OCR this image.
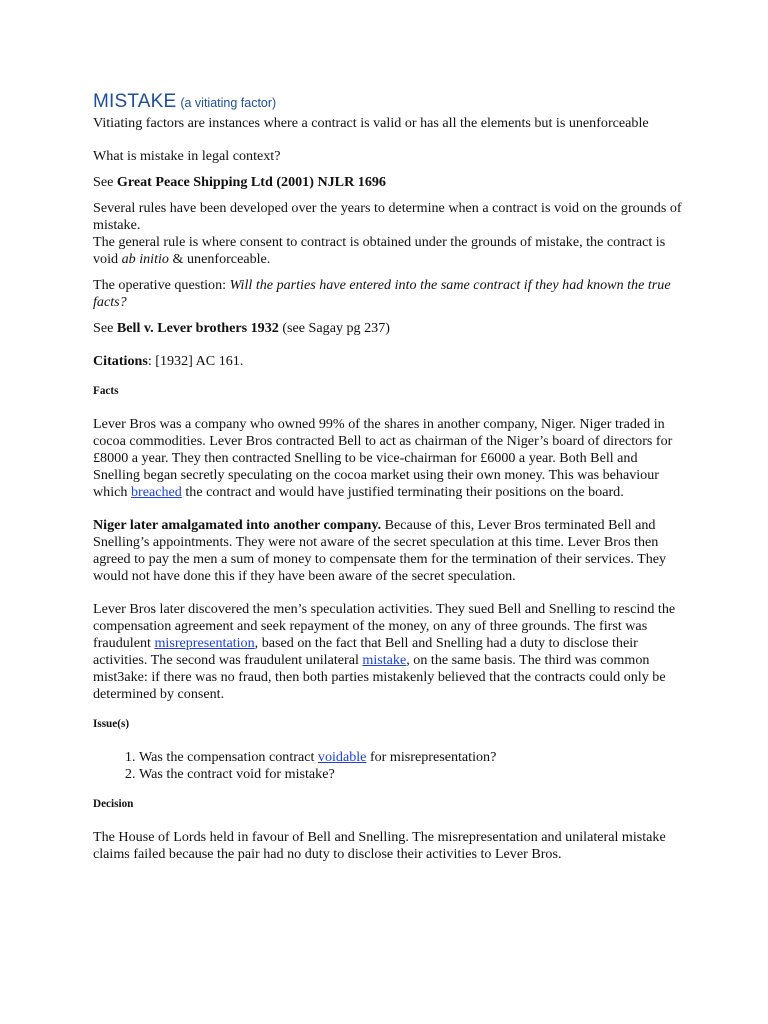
MISTAKE (a vitiating factor)

Vitiating factors are instances where a contract is valid or has all the elements but is unenforceable

What is mistake in legal context?

See Great Peace Shipping Ltd (2001) NJLR 1696

Several rules have been developed over the years to determine when a contract is void on the grounds of mistake.
The general rule is where consent to contract is obtained under the grounds of mistake, the contract is void ab initio & unenforceable.

The operative question: Will the parties have entered into the same contract if they had known the true facts?

See Bell v. Lever brothers 1932 (see Sagay pg 237)

Citations: [1932] AC 161.

Facts

Lever Bros was a company who owned 99% of the shares in another company, Niger. Niger traded in cocoa commodities. Lever Bros contracted Bell to act as chairman of the Niger’s board of directors for £8000 a year. They then contracted Snelling to be vice-chairman for £6000 a year. Both Bell and Snelling began secretly speculating on the cocoa market using their own money. This was behaviour which breached the contract and would have justified terminating their positions on the board.

Niger later amalgamated into another company. Because of this, Lever Bros terminated Bell and Snelling’s appointments. They were not aware of the secret speculation at this time. Lever Bros then agreed to pay the men a sum of money to compensate them for the termination of their services. They would not have done this if they have been aware of the secret speculation.

Lever Bros later discovered the men’s speculation activities. They sued Bell and Snelling to rescind the compensation agreement and seek repayment of the money, on any of three grounds. The first was fraudulent misrepresentation, based on the fact that Bell and Snelling had a duty to disclose their activities. The second was fraudulent unilateral mistake, on the same basis. The third was common mist3ake: if there was no fraud, then both parties mistakenly believed that the contracts could only be determined by consent.

Issue(s)

1. Was the compensation contract voidable for misrepresentation?
2. Was the contract void for mistake?

Decision

The House of Lords held in favour of Bell and Snelling. The misrepresentation and unilateral mistake claims failed because the pair had no duty to disclose their activities to Lever Bros.
